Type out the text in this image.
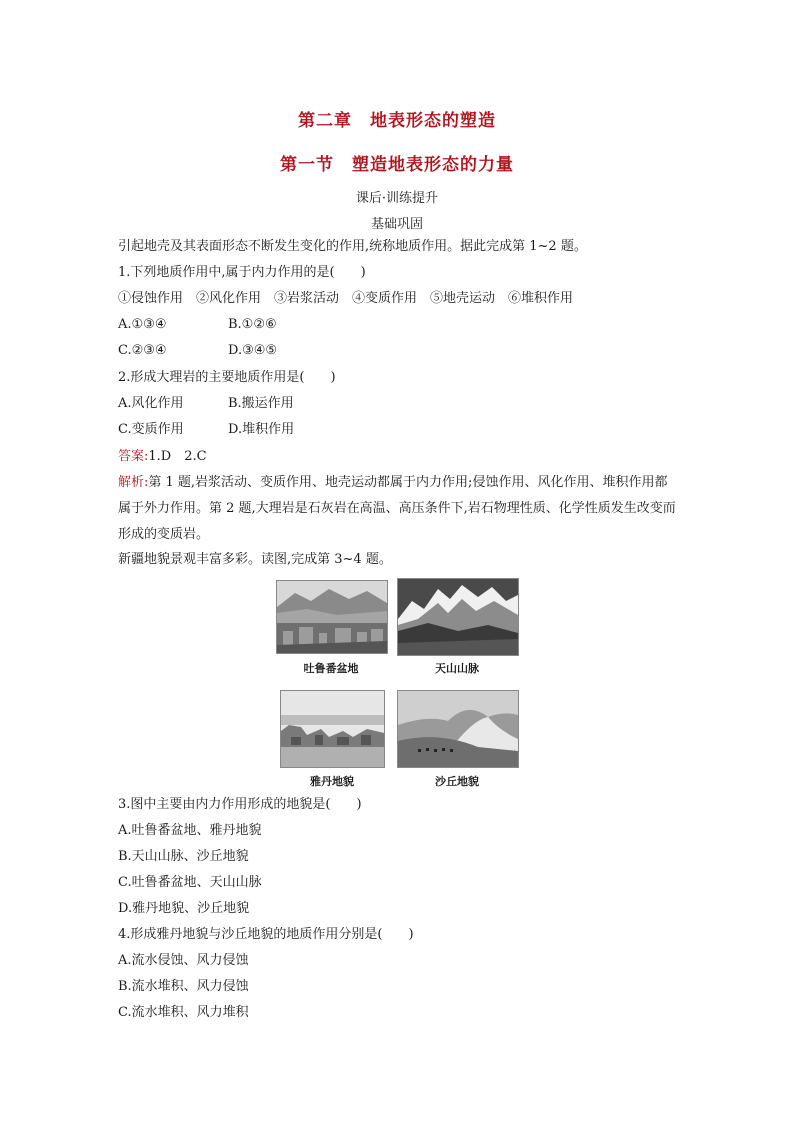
第二章　地表形态的塑造
第一节　塑造地表形态的力量
课后·训练提升
基础巩固
引起地壳及其表面形态不断发生变化的作用,统称地质作用。据此完成第 1~2 题。
1.下列地质作用中,属于内力作用的是(　　)
①侵蚀作用　②风化作用　③岩浆活动　④变质作用　⑤地壳运动　⑥堆积作用
A.①③④	B.①②⑥
C.②③④	D.③④⑤
2.形成大理岩的主要地质作用是(　　)
A.风化作用	B.搬运作用
C.变质作用	D.堆积作用
答案:1.D　2.C
解析:第 1 题,岩浆活动、变质作用、地壳运动都属于内力作用;侵蚀作用、风化作用、堆积作用都属于外力作用。第 2 题,大理岩是石灰岩在高温、高压条件下,岩石物理性质、化学性质发生改变而形成的变质岩。
新疆地貌景观丰富多彩。读图,完成第 3~4 题。
吐鲁番盆地	天山山脉
雅丹地貌	沙丘地貌
3.图中主要由内力作用形成的地貌是(　　)
A.吐鲁番盆地、雅丹地貌
B.天山山脉、沙丘地貌
C.吐鲁番盆地、天山山脉
D.雅丹地貌、沙丘地貌
4.形成雅丹地貌与沙丘地貌的地质作用分别是(　　)
A.流水侵蚀、风力侵蚀
B.流水堆积、风力侵蚀
C.流水堆积、风力堆积
